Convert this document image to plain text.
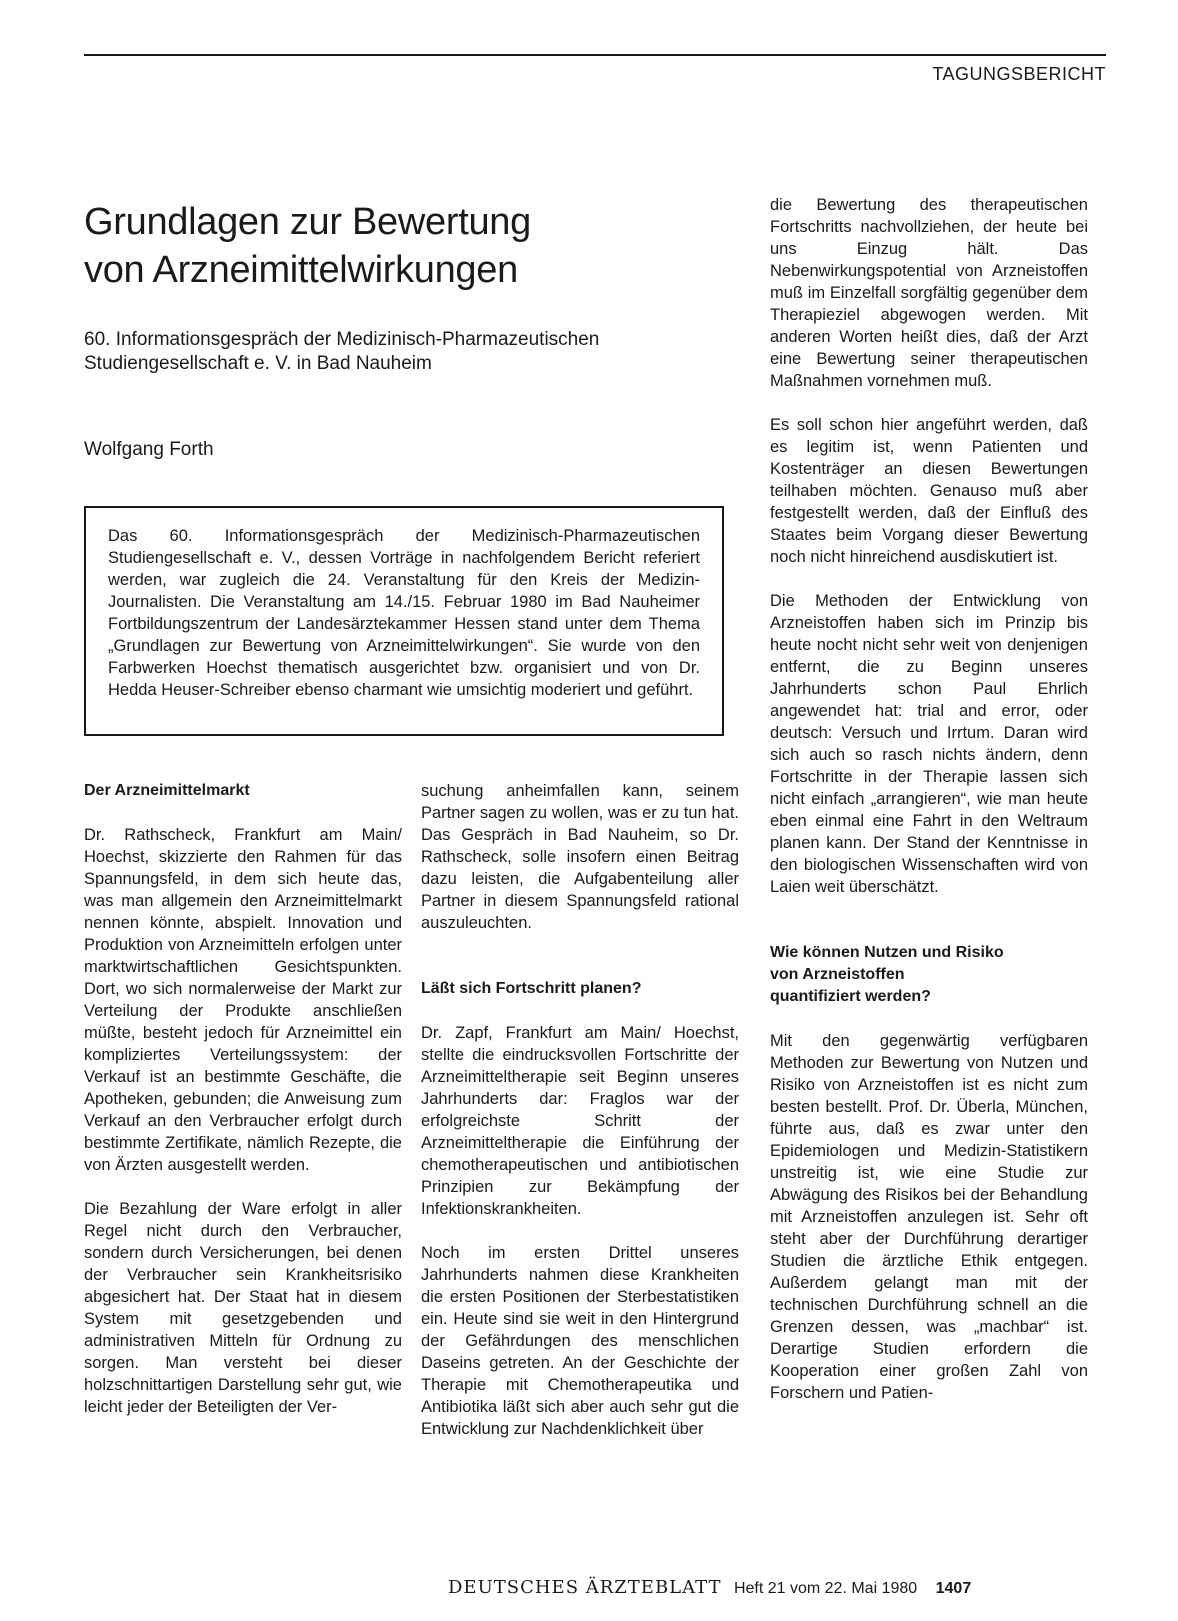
TAGUNGSBERICHT
Grundlagen zur Bewertung
von Arzneimittelwirkungen
60. Informationsgespräch der Medizinisch-Pharmazeutischen
Studiengesellschaft e. V. in Bad Nauheim
Wolfgang Forth

Das 60. Informationsgespräch der Medizinisch-Pharmazeutischen Studiengesellschaft e. V., dessen Vorträge in nachfolgendem Bericht referiert werden, war zugleich die 24. Veranstaltung für den Kreis der Medizin-Journalisten. Die Veranstaltung am 14./15. Februar 1980 im Bad Nauheimer Fortbildungszentrum der Landesärztekammer Hessen stand unter dem Thema „Grundlagen zur Bewertung von Arzneimittelwirkungen“. Sie wurde von den Farbwerken Hoechst thematisch ausgerichtet bzw. organisiert und von Dr. Hedda Heuser-Schreiber ebenso charmant wie umsichtig moderiert und geführt.

Der Arzneimittelmarkt

Dr. Rathscheck, Frankfurt am Main/ Hoechst, skizzierte den Rahmen für das Spannungsfeld, in dem sich heute das, was man allgemein den Arzneimittelmarkt nennen könnte, abspielt. Innovation und Produktion von Arzneimitteln erfolgen unter marktwirtschaftlichen Gesichtspunkten. Dort, wo sich normalerweise der Markt zur Verteilung der Produkte anschließen müßte, besteht jedoch für Arzneimittel ein kompliziertes Verteilungssystem: der Verkauf ist an bestimmte Geschäfte, die Apotheken, gebunden; die Anweisung zum Verkauf an den Verbraucher erfolgt durch bestimmte Zertifikate, nämlich Rezepte, die von Ärzten ausgestellt werden.

Die Bezahlung der Ware erfolgt in aller Regel nicht durch den Verbraucher, sondern durch Versicherungen, bei denen der Verbraucher sein Krankheitsrisiko abgesichert hat. Der Staat hat in diesem System mit gesetzgebenden und administrativen Mitteln für Ordnung zu sorgen. Man versteht bei dieser holzschnittartigen Darstellung sehr gut, wie leicht jeder der Beteiligten der Ver-

suchung anheimfallen kann, seinem Partner sagen zu wollen, was er zu tun hat. Das Gespräch in Bad Nauheim, so Dr. Rathscheck, solle insofern einen Beitrag dazu leisten, die Aufgabenteilung aller Partner in diesem Spannungsfeld rational auszuleuchten.

Läßt sich Fortschritt planen?

Dr. Zapf, Frankfurt am Main/ Hoechst, stellte die eindrucksvollen Fortschritte der Arzneimitteltherapie seit Beginn unseres Jahrhunderts dar: Fraglos war der erfolgreichste Schritt der Arzneimitteltherapie die Einführung der chemotherapeutischen und antibiotischen Prinzipien zur Bekämpfung der Infektionskrankheiten.

Noch im ersten Drittel unseres Jahrhunderts nahmen diese Krankheiten die ersten Positionen der Sterbestatistiken ein. Heute sind sie weit in den Hintergrund der Gefährdungen des menschlichen Daseins getreten. An der Geschichte der Therapie mit Chemotherapeutika und Antibiotika läßt sich aber auch sehr gut die Entwicklung zur Nachdenklichkeit über

die Bewertung des therapeutischen Fortschritts nachvollziehen, der heute bei uns Einzug hält. Das Nebenwirkungspotential von Arzneistoffen muß im Einzelfall sorgfältig gegenüber dem Therapieziel abgewogen werden. Mit anderen Worten heißt dies, daß der Arzt eine Bewertung seiner therapeutischen Maßnahmen vornehmen muß.

Es soll schon hier angeführt werden, daß es legitim ist, wenn Patienten und Kostenträger an diesen Bewertungen teilhaben möchten. Genauso muß aber festgestellt werden, daß der Einfluß des Staates beim Vorgang dieser Bewertung noch nicht hinreichend ausdiskutiert ist.

Die Methoden der Entwicklung von Arzneistoffen haben sich im Prinzip bis heute nocht nicht sehr weit von denjenigen entfernt, die zu Beginn unseres Jahrhunderts schon Paul Ehrlich angewendet hat: trial and error, oder deutsch: Versuch und Irrtum. Daran wird sich auch so rasch nichts ändern, denn Fortschritte in der Therapie lassen sich nicht einfach „arrangieren“, wie man heute eben einmal eine Fahrt in den Weltraum planen kann. Der Stand der Kenntnisse in den biologischen Wissenschaften wird von Laien weit überschätzt.

Wie können Nutzen und Risiko
von Arzneistoffen
quantifiziert werden?

Mit den gegenwärtig verfügbaren Methoden zur Bewertung von Nutzen und Risiko von Arzneistoffen ist es nicht zum besten bestellt. Prof. Dr. Überla, München, führte aus, daß es zwar unter den Epidemiologen und Medizin-Statistikern unstreitig ist, wie eine Studie zur Abwägung des Risikos bei der Behandlung mit Arzneistoffen anzulegen ist. Sehr oft steht aber der Durchführung derartiger Studien die ärztliche Ethik entgegen. Außerdem gelangt man mit der technischen Durchführung schnell an die Grenzen dessen, was „machbar“ ist. Derartige Studien erfordern die Kooperation einer großen Zahl von Forschern und Patien-

DEUTSCHES ÄRZTEBLATT Heft 21 vom 22. Mai 1980 1407
